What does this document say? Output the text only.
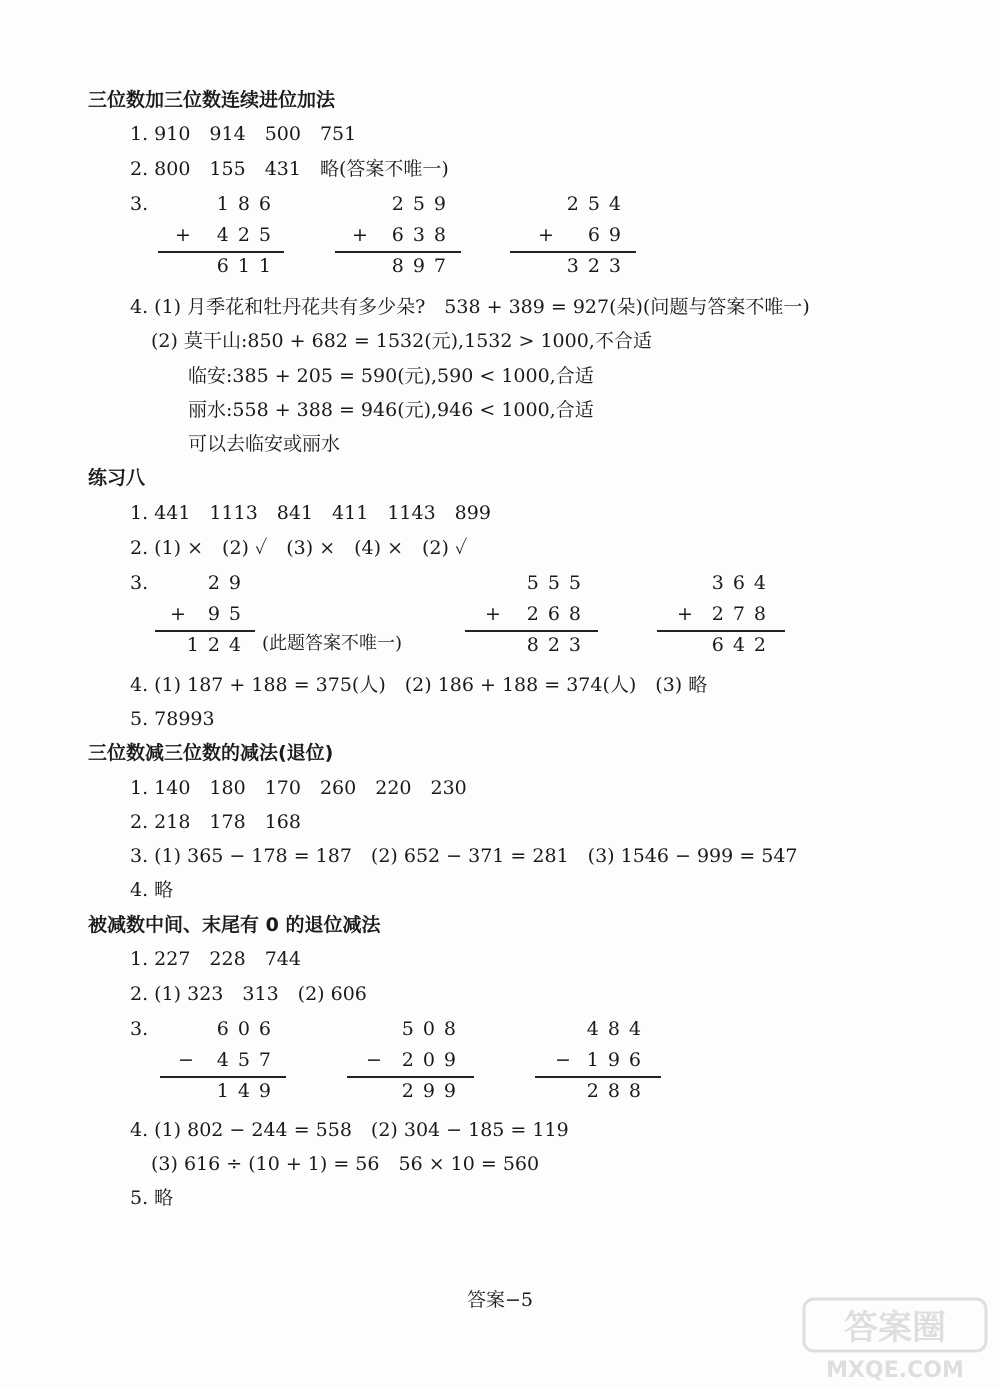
三位数加三位数连续进位加法
1. 910　914　500　751
2. 800　155　431　略(答案不唯一)
3.	186
+	425
611
259
+	638
897
254
+	69
323
4. (1) 月季花和牡丹花共有多少朵?　538 + 389 = 927(朵)(问题与答案不唯一)
(2) 莫干山:850 + 682 = 1532(元),1532 > 1000,不合适
临安:385 + 205 = 590(元),590 < 1000,合适
丽水:558 + 388 = 946(元),946 < 1000,合适
可以去临安或丽水
练习八
1. 441　1113　841　411　1143　899
2. (1) ×　(2) ✓　(3) ×　(4) ×　(2) ✓
3.	29
+	95
124 (此题答案不唯一)
555
+	268
823
364
+ 278
642
4. (1) 187 + 188 = 375(人)　(2) 186 + 188 = 374(人)　(3) 略
5. 78993
三位数减三位数的减法(退位)
1. 140　180　170　260　220　230
2. 218　178　168
3. (1) 365 − 178 = 187　(2) 652 − 371 = 281　(3) 1546 − 999 = 547
4. 略
被减数中间、末尾有 0 的退位减法
1. 227　228　744
2. (1) 323　313　(2) 606
3.	606
−	457
149
508
−	209
299
484
− 196
288
4. (1) 802 − 244 = 558　(2) 304 − 185 = 119
(3) 616 ÷ (10 + 1) = 56　56 × 10 = 560
5. 略
答案−5
答案圈
MXQE.COM
